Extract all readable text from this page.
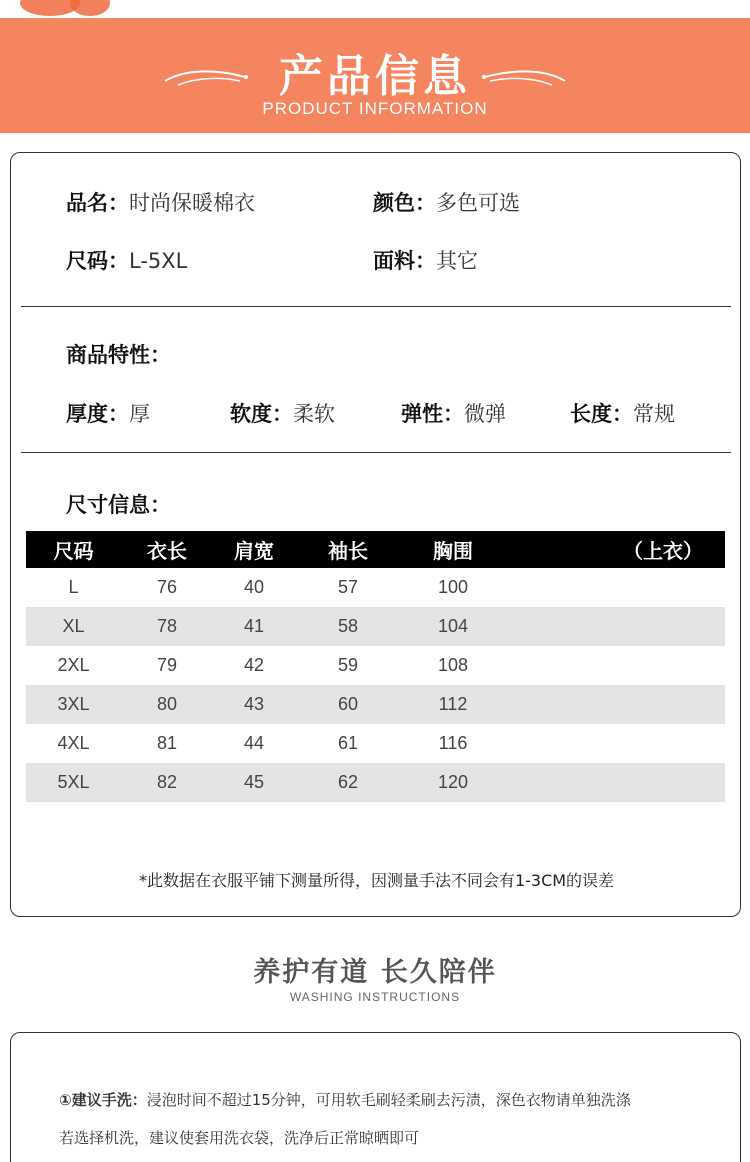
产品信息
PRODUCT INFORMATION
品名：时尚保暖棉衣	颜色：多色可选
尺码：L-5XL	面料：其它
商品特性：
厚度：厚	软度：柔软	弹性：微弹	长度：常规
尺寸信息：
尺码	衣长	肩宽	袖长	胸围	（上衣）
L	76	40	57	100	
XL	78	41	58	104	
2XL	79	42	59	108	
3XL	80	43	60	112	
4XL	81	44	61	116	
5XL	82	45	62	120	
*此数据在衣服平铺下测量所得，因测量手法不同会有1-3CM的误差
养护有道 长久陪伴
WASHING INSTRUCTIONS
①建议手洗：浸泡时间不超过15分钟，可用软毛刷轻柔刷去污渍，深色衣物请单独洗涤
若选择机洗，建议使套用洗衣袋，洗净后正常晾晒即可
